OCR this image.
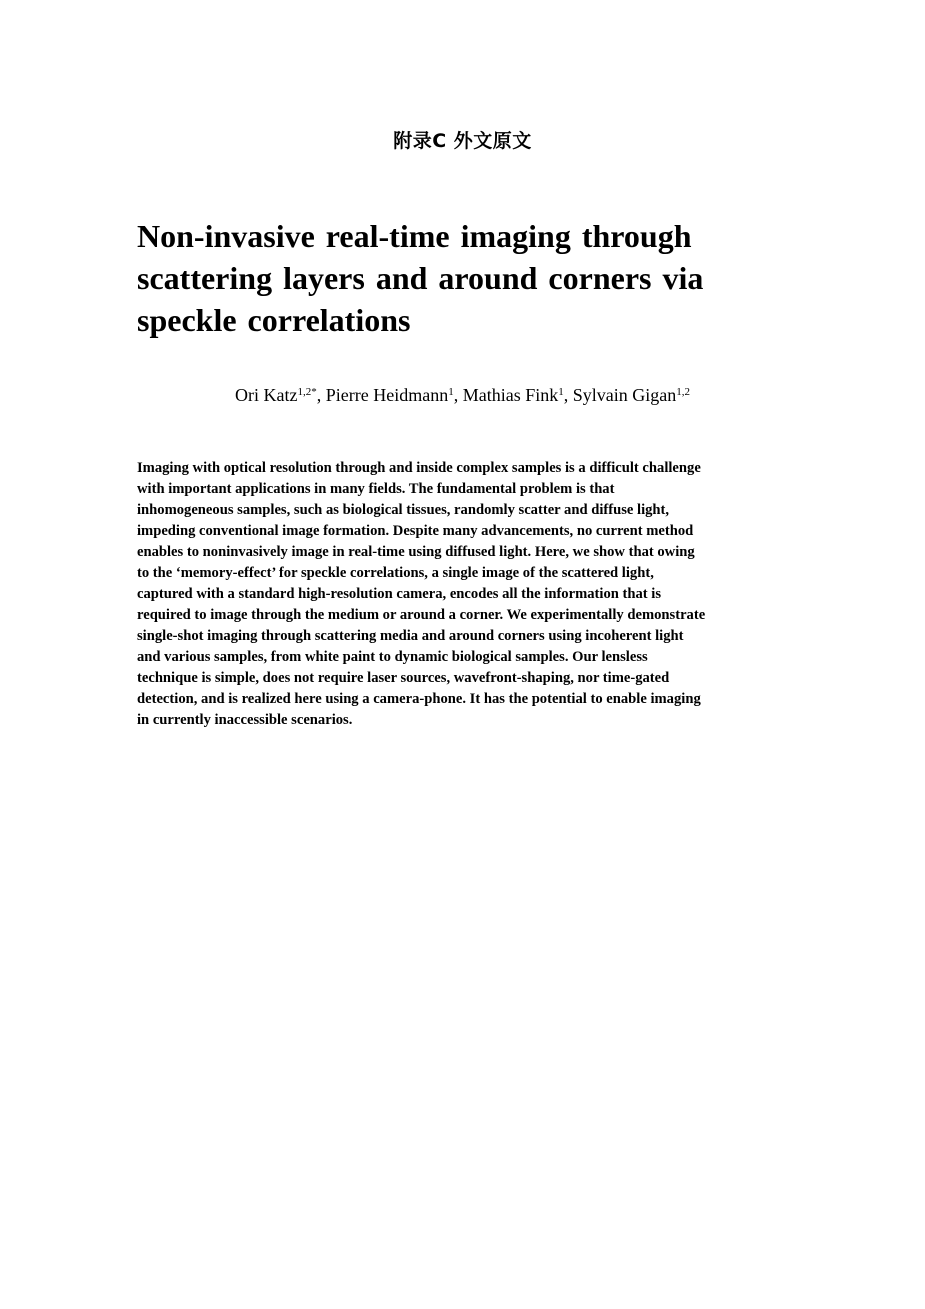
附录C 外文原文
Non-invasive real-time imaging through
scattering layers and around corners via
speckle correlations
Ori Katz$^{1,2*}$, Pierre Heidmann$^1$, Mathias Fink$^1$, Sylvain Gigan$^{1,2}$

Imaging with optical resolution through and inside complex samples is a difficult challenge
with important applications in many fields. The fundamental problem is that
inhomogeneous samples, such as biological tissues, randomly scatter and diffuse light,
impeding conventional image formation. Despite many advancements, no current method
enables to noninvasively image in real-time using diffused light. Here, we show that owing
to the ‘memory-effect’ for speckle correlations, a single image of the scattered light,
captured with a standard high-resolution camera, encodes all the information that is
required to image through the medium or around a corner. We experimentally demonstrate
single-shot imaging through scattering media and around corners using incoherent light
and various samples, from white paint to dynamic biological samples. Our lensless
technique is simple, does not require laser sources, wavefront-shaping, nor time-gated
detection, and is realized here using a camera-phone. It has the potential to enable imaging
in currently inaccessible scenarios.
